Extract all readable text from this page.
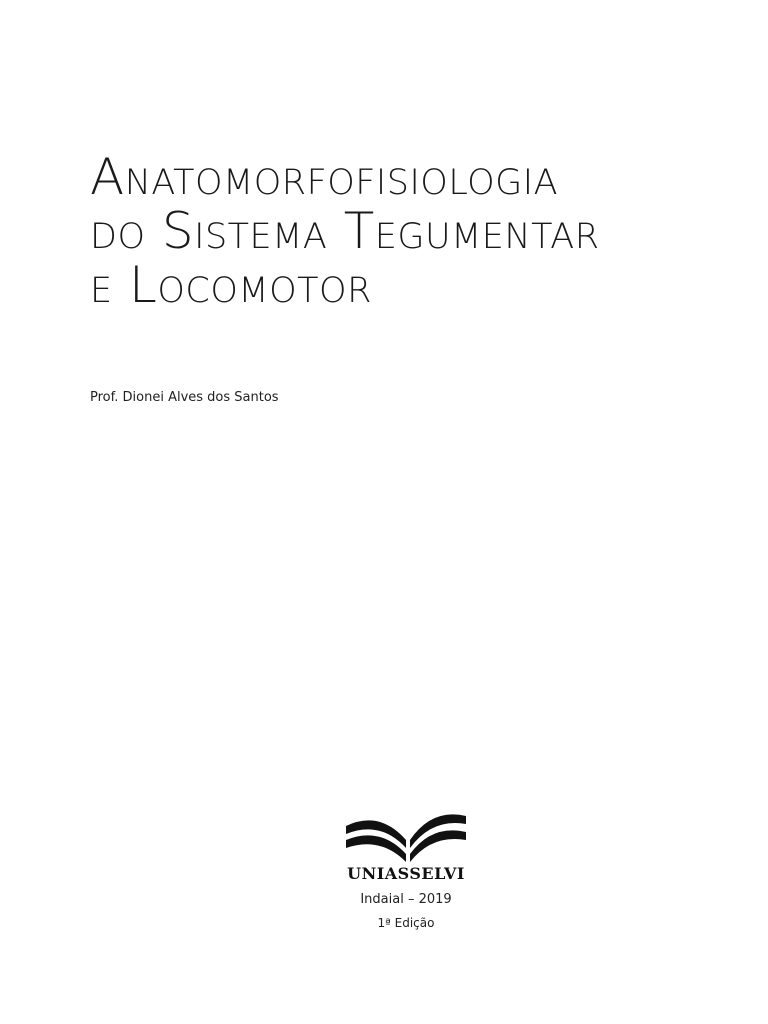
Anatomorfofisiologia

do Sistema Tegumentar

e Locomotor

Prof. Dionei Alves dos Santos
UNIASSELVI
Indaial – 2019
1ª Edição
